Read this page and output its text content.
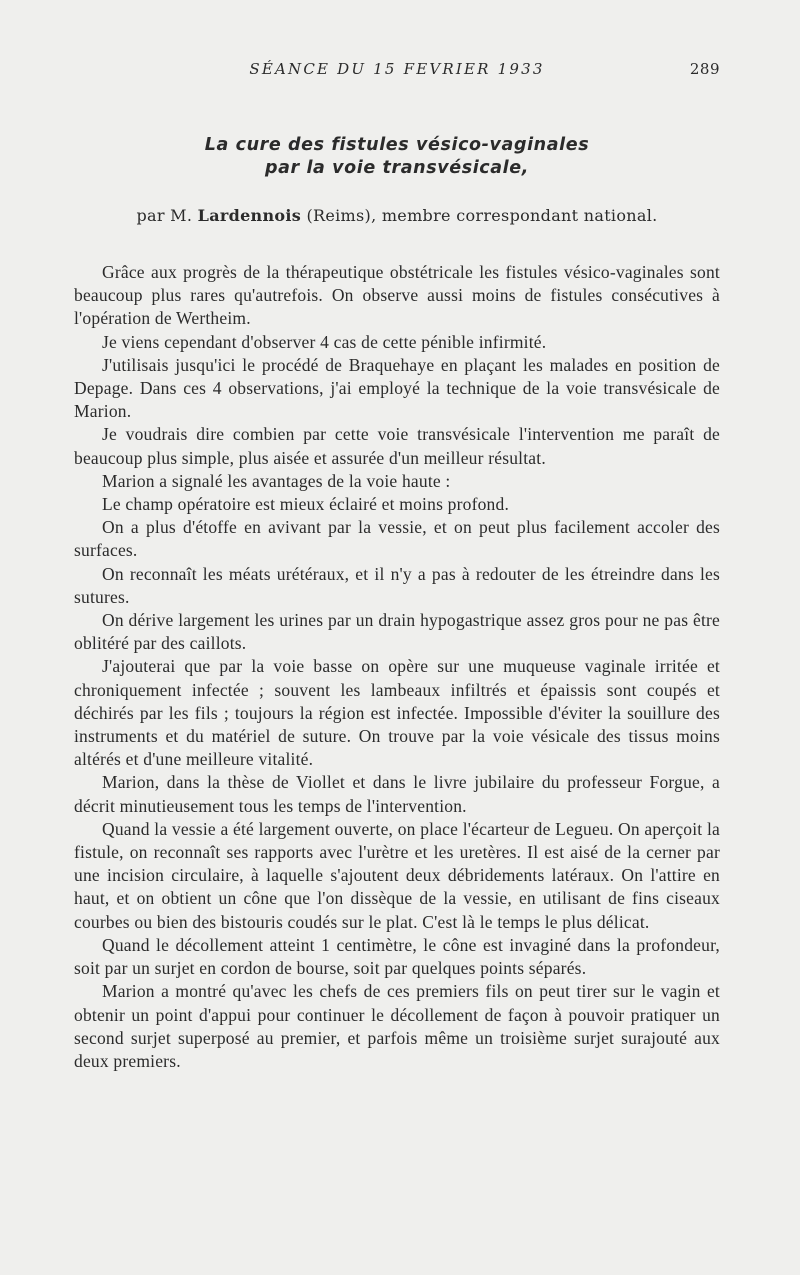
SÉANCE DU 15 FEVRIER 1933	289
La cure des fistules vésico-vaginales
par la voie transvésicale,
par M. Lardennois (Reims), membre correspondant national.

Grâce aux progrès de la thérapeutique obstétricale les fistules vésico-vaginales sont beaucoup plus rares qu'autrefois. On observe aussi moins de fistules consécutives à l'opération de Wertheim.

Je viens cependant d'observer 4 cas de cette pénible infirmité.

J'utilisais jusqu'ici le procédé de Braquehaye en plaçant les malades en position de Depage. Dans ces 4 observations, j'ai employé la technique de la voie transvésicale de Marion.

Je voudrais dire combien par cette voie transvésicale l'intervention me paraît de beaucoup plus simple, plus aisée et assurée d'un meilleur résultat.

Marion a signalé les avantages de la voie haute :

Le champ opératoire est mieux éclairé et moins profond.

On a plus d'étoffe en avivant par la vessie, et on peut plus facilement accoler des surfaces.

On reconnaît les méats urétéraux, et il n'y a pas à redouter de les étreindre dans les sutures.

On dérive largement les urines par un drain hypogastrique assez gros pour ne pas être oblitéré par des caillots.

J'ajouterai que par la voie basse on opère sur une muqueuse vaginale irritée et chroniquement infectée ; souvent les lambeaux infiltrés et épaissis sont coupés et déchirés par les fils ; toujours la région est infectée. Impossible d'éviter la souillure des instruments et du matériel de suture. On trouve par la voie vésicale des tissus moins altérés et d'une meilleure vitalité.

Marion, dans la thèse de Viollet et dans le livre jubilaire du professeur Forgue, a décrit minutieusement tous les temps de l'intervention.

Quand la vessie a été largement ouverte, on place l'écarteur de Legueu. On aperçoit la fistule, on reconnaît ses rapports avec l'urètre et les uretères. Il est aisé de la cerner par une incision circulaire, à laquelle s'ajoutent deux débridements latéraux. On l'attire en haut, et on obtient un cône que l'on dissèque de la vessie, en utilisant de fins ciseaux courbes ou bien des bistouris coudés sur le plat. C'est là le temps le plus délicat.

Quand le décollement atteint 1 centimètre, le cône est invaginé dans la profondeur, soit par un surjet en cordon de bourse, soit par quelques points séparés.

Marion a montré qu'avec les chefs de ces premiers fils on peut tirer sur le vagin et obtenir un point d'appui pour continuer le décollement de façon à pouvoir pratiquer un second surjet superposé au premier, et parfois même un troisième surjet surajouté aux deux premiers.
